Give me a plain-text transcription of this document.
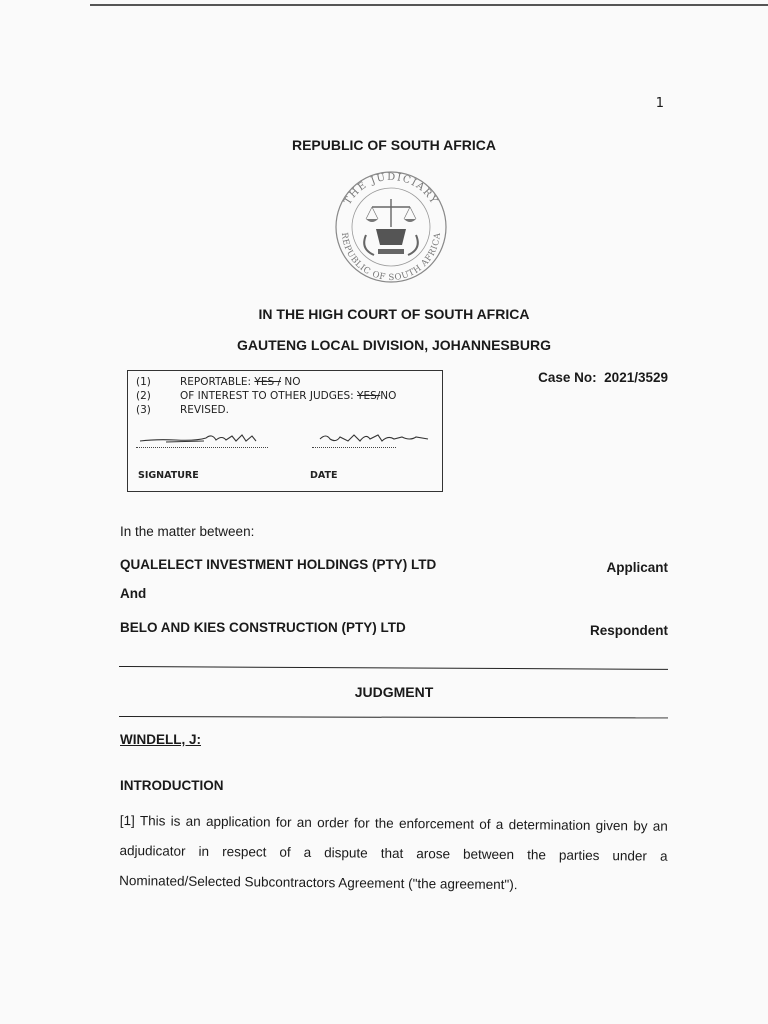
1
REPUBLIC OF SOUTH AFRICA
THE JUDICIARY
REPUBLIC OF SOUTH AFRICA
IN THE HIGH COURT OF SOUTH AFRICA
GAUTENG LOCAL DIVISION, JOHANNESBURG
Case No: 2021/3529
(1)	REPORTABLE: YES / NO
(2)	OF INTEREST TO OTHER JUDGES: YES/NO
(3)	REVISED.
SIGNATURE	DATE
In the matter between:
QUALELECT INVESTMENT HOLDINGS (PTY) LTD	Applicant
And
BELO AND KIES CONSTRUCTION (PTY) LTD	Respondent
JUDGMENT
WINDELL, J:
INTRODUCTION
[1] This is an application for an order for the enforcement of a determination given by an adjudicator in respect of a dispute that arose between the parties under a Nominated/Selected Subcontractors Agreement ("the agreement").
